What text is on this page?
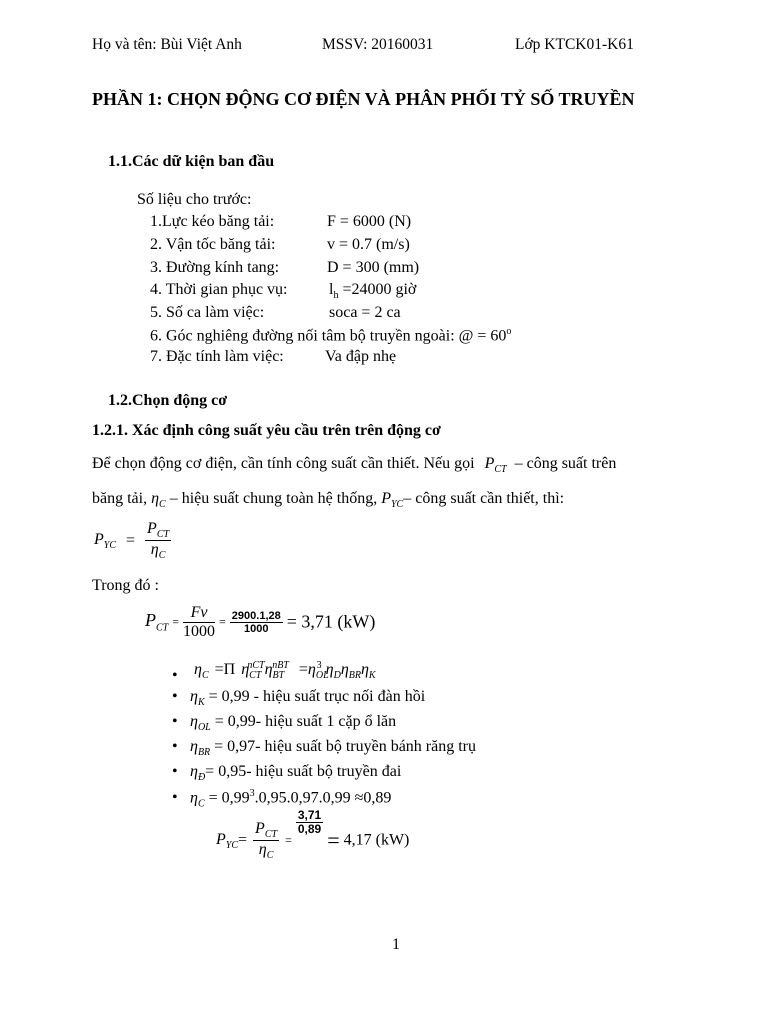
Họ và tên: Bùi Việt Anh	MSSV: 20160031	Lớp KTCK01-K61
PHẦN 1: CHỌN ĐỘNG CƠ ĐIỆN VÀ PHÂN PHỐI TỶ SỐ TRUYỀN
1.1.Các dữ kiện ban đầu
Số liệu cho trước:
1.Lực kéo băng tải:	F = 6000 (N)
2. Vận tốc băng tải:	v = 0.7 (m/s)
3. Đường kính tang:	D = 300 (mm)
4. Thời gian phục vụ:	$l_h =24000$ giờ
5. Số ca làm việc:	soca = 2 ca
6. Góc nghiêng đường nối tâm bộ truyền ngoài: @ = $60^o$
7. Đặc tính làm việc:	Va đập nhẹ
1.2.Chọn động cơ
1.2.1. Xác định công suất yêu cầu trên trên động cơ
Để chọn động cơ điện, cần tính công suất cần thiết. Nếu gọi $P_{CT}$ – công suất trên
băng tải, $\eta_C$ – hiệu suất chung toàn hệ thống, $P_{YC}-$ công suất cần thiết, thì:
$P_{YC} = \frac{P_{CT}}{\eta_C}$
Trong đó :
$P_{CT} = \frac{Fv}{1000} = \frac{2900.1,28}{1000} = 3,71$ (kW)
• $\eta_C =\Pi$ $\eta_{CT}^{nCT}\eta_{BT}^{nBT} =\eta_{OL}^3$ $\eta_D\eta_{BR}\eta_K$
• $\eta_K = 0,99$ - hiệu suất trục nối đàn hồi
• $\eta_{OL} = 0,99-$ hiệu suất 1 cặp ổ lăn
• $\eta_{BR} = 0,97-$ hiệu suất bộ truyền bánh răng trụ
• $\eta_Đ= 0,95-$ hiệu suất bộ truyền đai
• $\eta_C = 0,99^3.0,95.0,97.0,99 \approx 0,89$
$P_{YC}= \frac{P_{CT}}{\eta_C}$ =
$\frac{3,71}{0,89}$
= 4,17 (kW)
1
